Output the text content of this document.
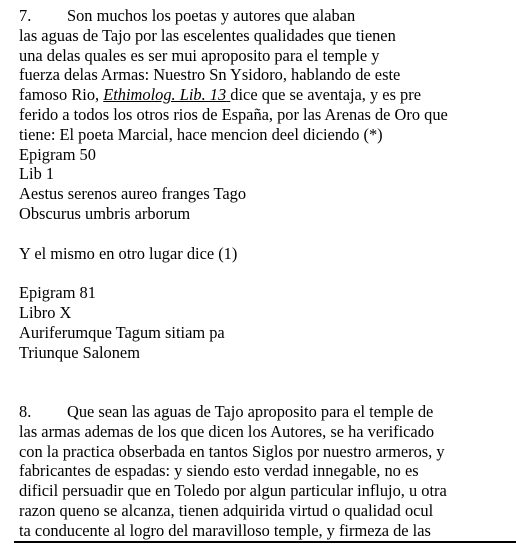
7. Son muchos los poetas y autores que alaban
las aguas de Tajo por las escelentes qualidades que tienen
una delas quales es ser mui aproposito para el temple y
fuerza delas Armas: Nuestro Sn Ysidoro, hablando de este
famoso Rio, Ethimolog. Lib. 13 dice que se aventaja, y es pre
ferido a todos los otros rios de España, por las Arenas de Oro que
tiene: El poeta Marcial, hace mencion deel diciendo (*)
Epigram 50
Lib 1
Aestus serenos aureo franges Tago
Obscurus umbris arborum
Y el mismo en otro lugar dice (1)
Epigram 81
Libro X
Auriferumque Tagum sitiam pa
Triunque Salonem
8. Que sean las aguas de Tajo aproposito para el temple de
las armas ademas de los que dicen los Autores, se ha verificado
con la practica obserbada en tantos Siglos por nuestro armeros, y
fabricantes de espadas: y siendo esto verdad innegable, no es
dificil persuadir que en Toledo por algun particular influjo, u otra
razon queno se alcanza, tienen adquirida virtud o qualidad ocul
ta conducente al logro del maravilloso temple, y firmeza de las
